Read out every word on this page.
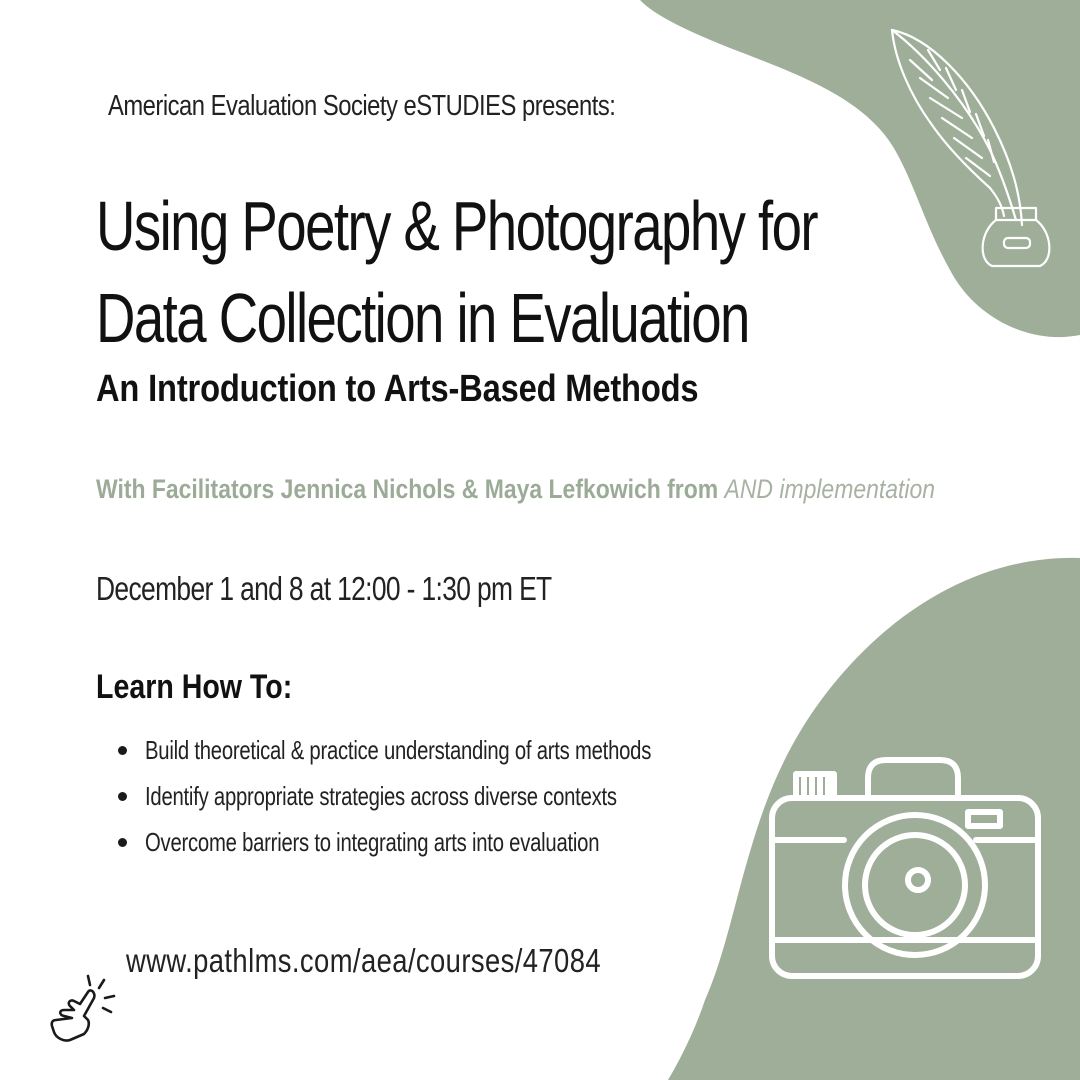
American Evaluation Society eSTUDIES presents:
Using Poetry & Photography for
Data Collection in Evaluation
An Introduction to Arts-Based Methods
With Facilitators Jennica Nichols & Maya Lefkowich from AND implementation
December 1 and 8 at 12:00 - 1:30 pm ET
Learn How To:
Build theoretical & practice understanding of arts methods
Identify appropriate strategies across diverse contexts
Overcome barriers to integrating arts into evaluation
www.pathlms.com/aea/courses/47084
